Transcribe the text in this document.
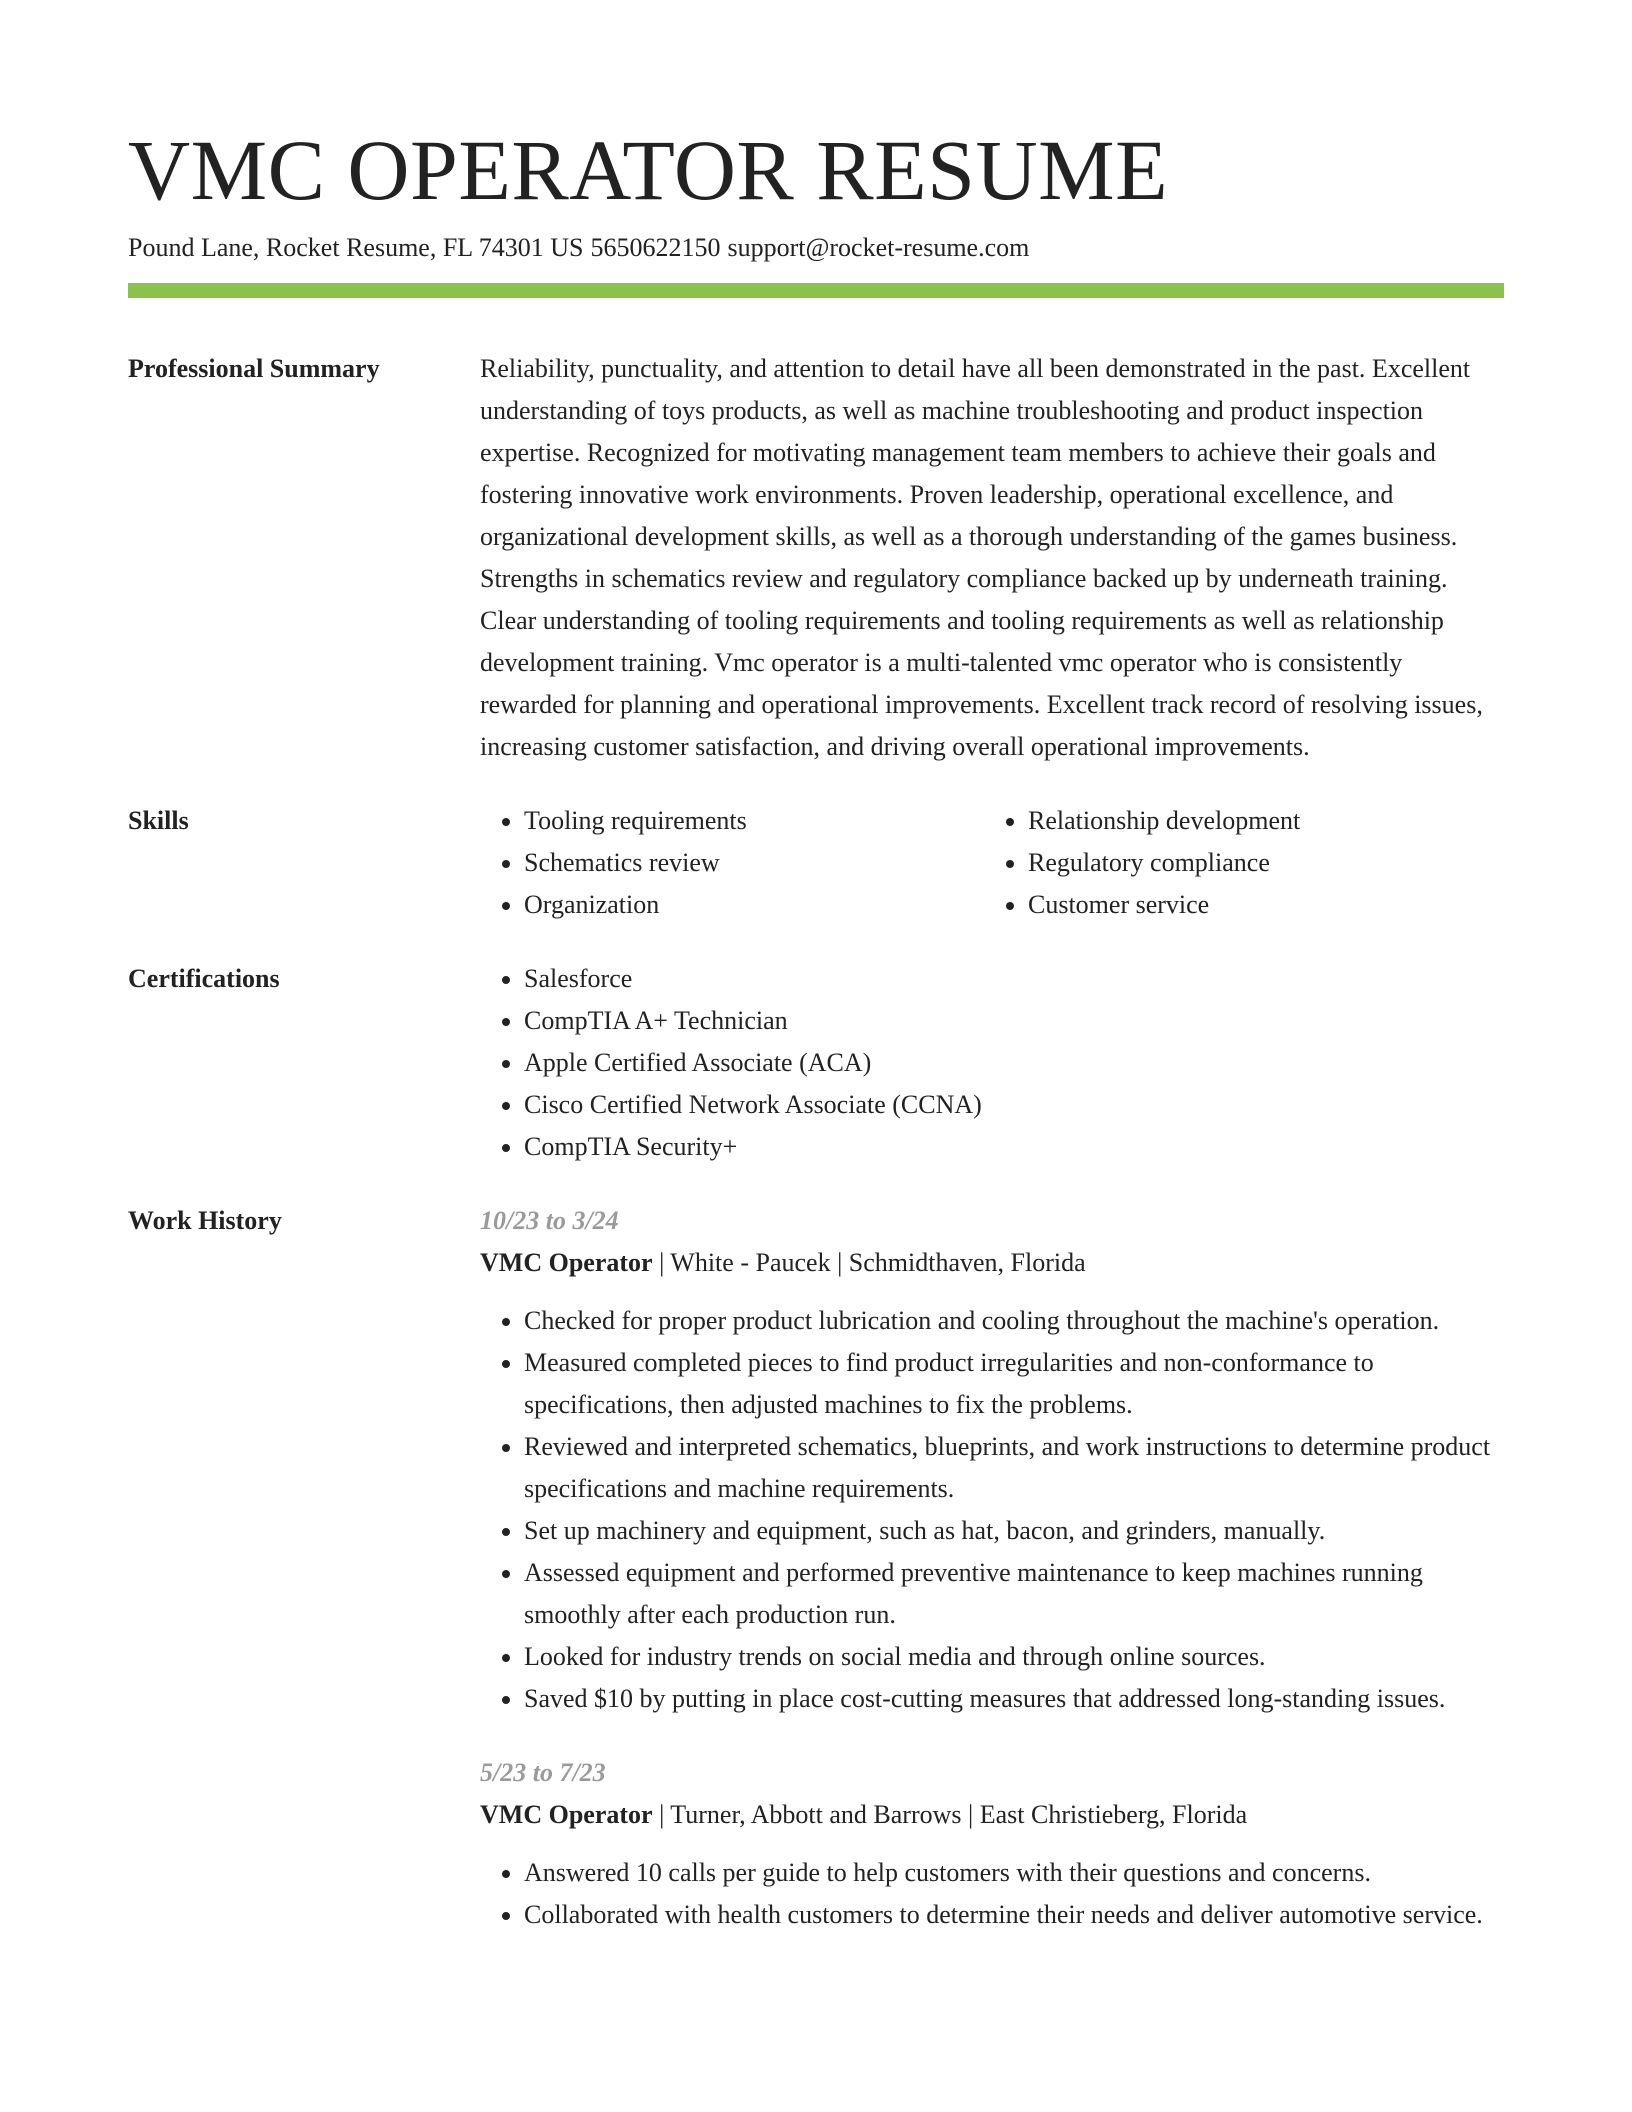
VMC OPERATOR RESUME
Pound Lane, Rocket Resume, FL 74301 US 5650622150 support@rocket-resume.com
Professional Summary	Reliability, punctuality, and attention to detail have all been demonstrated in the past. Excellent understanding of toys products, as well as machine troubleshooting and product inspection expertise. Recognized for motivating management team members to achieve their goals and fostering innovative work environments. Proven leadership, operational excellence, and organizational development skills, as well as a thorough understanding of the games business. Strengths in schematics review and regulatory compliance backed up by underneath training. Clear understanding of tooling requirements and tooling requirements as well as relationship development training. Vmc operator is a multi-talented vmc operator who is consistently rewarded for planning and operational improvements. Excellent track record of resolving issues, increasing customer satisfaction, and driving overall operational improvements.

Skills	• Tooling requirements
• Schematics review
• Organization
• Relationship development
• Regulatory compliance
• Customer service
Certifications	• Salesforce
• CompTIA A+ Technician
• Apple Certified Associate (ACA)
• Cisco Certified Network Associate (CCNA)
• CompTIA Security+
Work History	10/23 to 3/24
VMC Operator | White - Paucek | Schmidthaven, Florida
• Checked for proper product lubrication and cooling throughout the machine's operation.
• Measured completed pieces to find product irregularities and non-conformance to specifications, then adjusted machines to fix the problems.
• Reviewed and interpreted schematics, blueprints, and work instructions to determine product specifications and machine requirements.
• Set up machinery and equipment, such as hat, bacon, and grinders, manually.
• Assessed equipment and performed preventive maintenance to keep machines running smoothly after each production run.
• Looked for industry trends on social media and through online sources.
• Saved $10 by putting in place cost-cutting measures that addressed long-standing issues.
5/23 to 7/23
VMC Operator | Turner, Abbott and Barrows | East Christieberg, Florida
• Answered 10 calls per guide to help customers with their questions and concerns.
• Collaborated with health customers to determine their needs and deliver automotive service.
